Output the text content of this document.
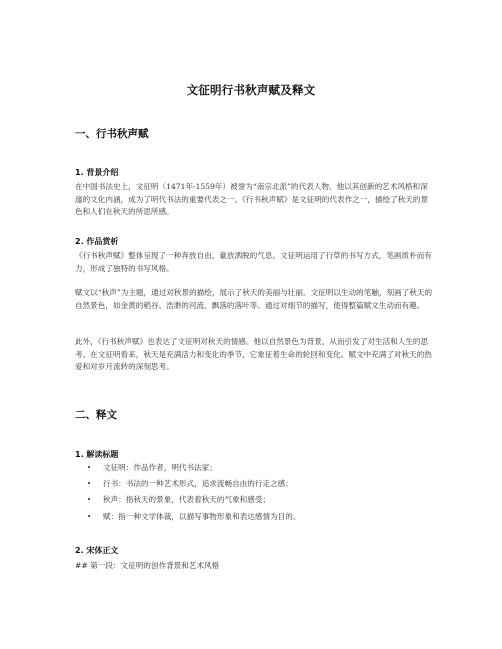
文征明行书秋声赋及释文
一、行书秋声赋
1. 背景介绍

在中国书法史上，文征明（1471年-1559年）被誉为“南宗北派”的代表人物。他以其创新的艺术风格和深邃的文化内涵，成为了明代书法的重要代表之一。《行书秋声赋》是文征明的代表作之一，描绘了秋天的景色和人们在秋天的所思所感。

2. 作品赏析

《行书秋声赋》整体呈现了一种奔放自由、豪放洒脱的气息。文征明运用了行草的书写方式，笔画质朴而有力，形成了独特的书写风格。

赋文以“秋声”为主题，通过对秋景的描绘，展示了秋天的美丽与壮丽。文征明以生动的笔触，刻画了秋天的自然景色，如金黄的稻谷、浩渺的河流、飘落的落叶等。通过对细节的描写，使得整篇赋文生动而有趣。

此外，《行书秋声赋》也表达了文征明对秋天的情感。他以自然景色为背景，从而引发了对生活和人生的思考。在文征明看来，秋天是充满活力和变化的季节，它象征着生命的轮回和变化。赋文中充满了对秋天的热爱和对岁月流转的深刻思考。

二、释文
1. 解读标题
• 文征明：作品作者，明代书法家；
• 行书：书法的一种艺术形式，追求流畅自由的行走之感；
• 秋声：指秋天的景象，代表着秋天的气象和感受；
• 赋：指一种文学体裁，以描写事物形象和表达感情为目的。
2. 宋体正文

## 第一段：文征明的创作背景和艺术风格
